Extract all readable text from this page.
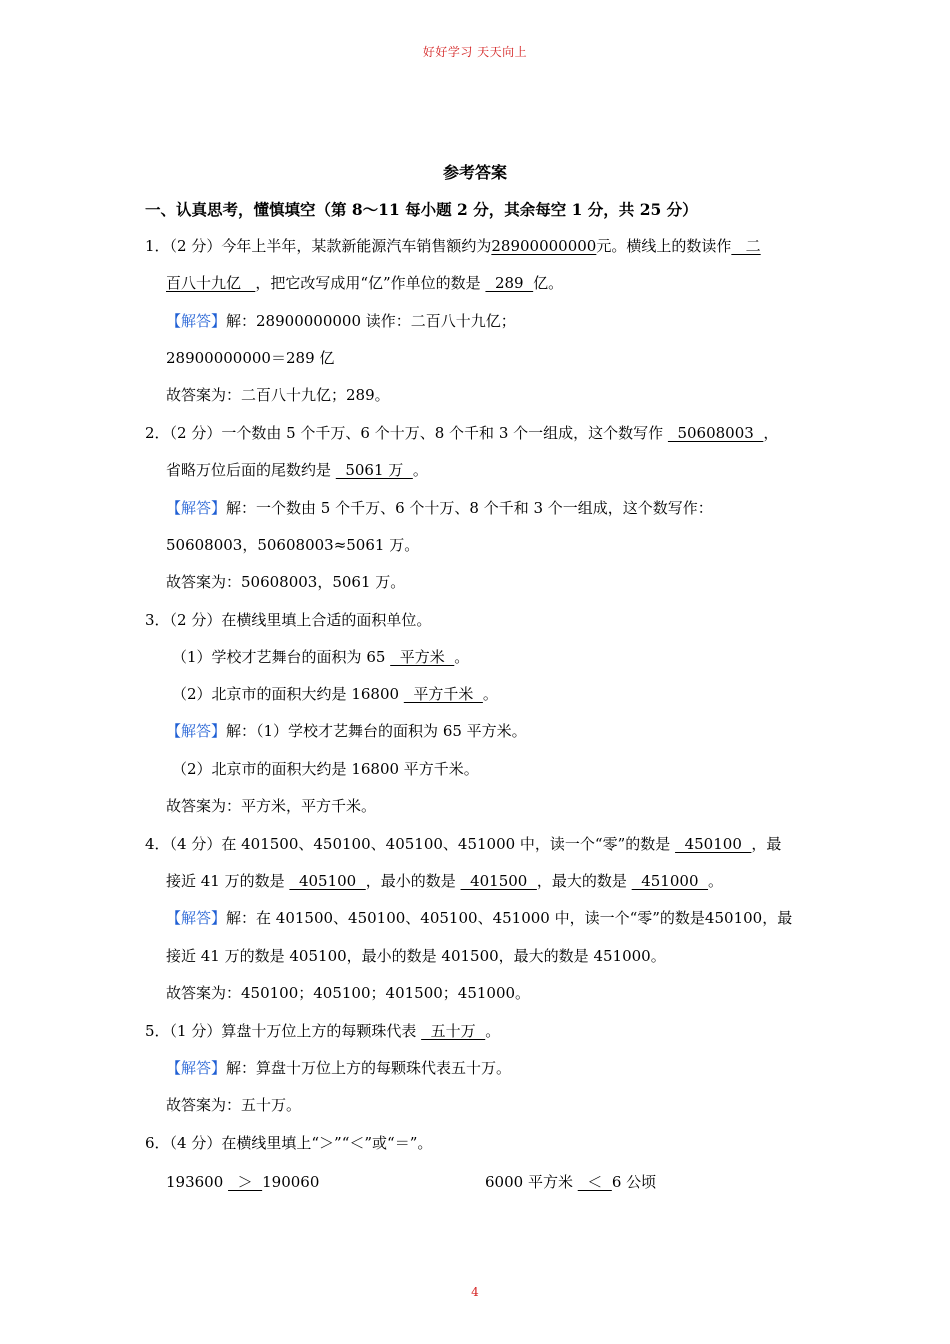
好好学习 天天向上
参考答案
一、认真思考，懂慎填空（第 8～11 每小题 2 分，其余每空 1 分，共 25 分）
1．（2 分）今年上半年，某款新能源汽车销售额约为28900000000元。横线上的数读作   二
百八十九亿   ，把它改写成用“亿”作单位的数是   289  亿。
【解答】解：28900000000 读作：二百八十九亿；
28900000000＝289 亿
故答案为：二百八十九亿；289。
2．（2 分）一个数由 5 个千万、6 个十万、8 个千和 3 个一组成，这个数写作   50608003  ，
省略万位后面的尾数约是   5061 万  。
【解答】解：一个数由 5 个千万、6 个十万、8 个千和 3 个一组成，这个数写作：
50608003，50608003≈5061 万。
故答案为：50608003，5061 万。
3．（2 分）在横线里填上合适的面积单位。
（1）学校才艺舞台的面积为 65   平方米  。
（2）北京市的面积大约是 16800   平方千米  。
【解答】解：（1）学校才艺舞台的面积为 65 平方米。
（2）北京市的面积大约是 16800 平方千米。
故答案为：平方米，平方千米。
4．（4 分）在 401500、450100、405100、451000 中，读一个“零”的数是   450100  ，最
接近 41 万的数是   405100  ，最小的数是   401500  ，最大的数是   451000  。
【解答】解：在 401500、450100、405100、451000 中，读一个“零”的数是450100，最
接近 41 万的数是 405100，最小的数是 401500，最大的数是 451000。
故答案为：450100；405100；401500；451000。
5．（1 分）算盘十万位上方的每颗珠代表   五十万  。
【解答】解：算盘十万位上方的每颗珠代表五十万。
故答案为：五十万。
6．（4 分）在横线里填上“＞”“＜”或“＝”。
193600   ＞  190060	6000 平方米   ＜  6 公顷
4
